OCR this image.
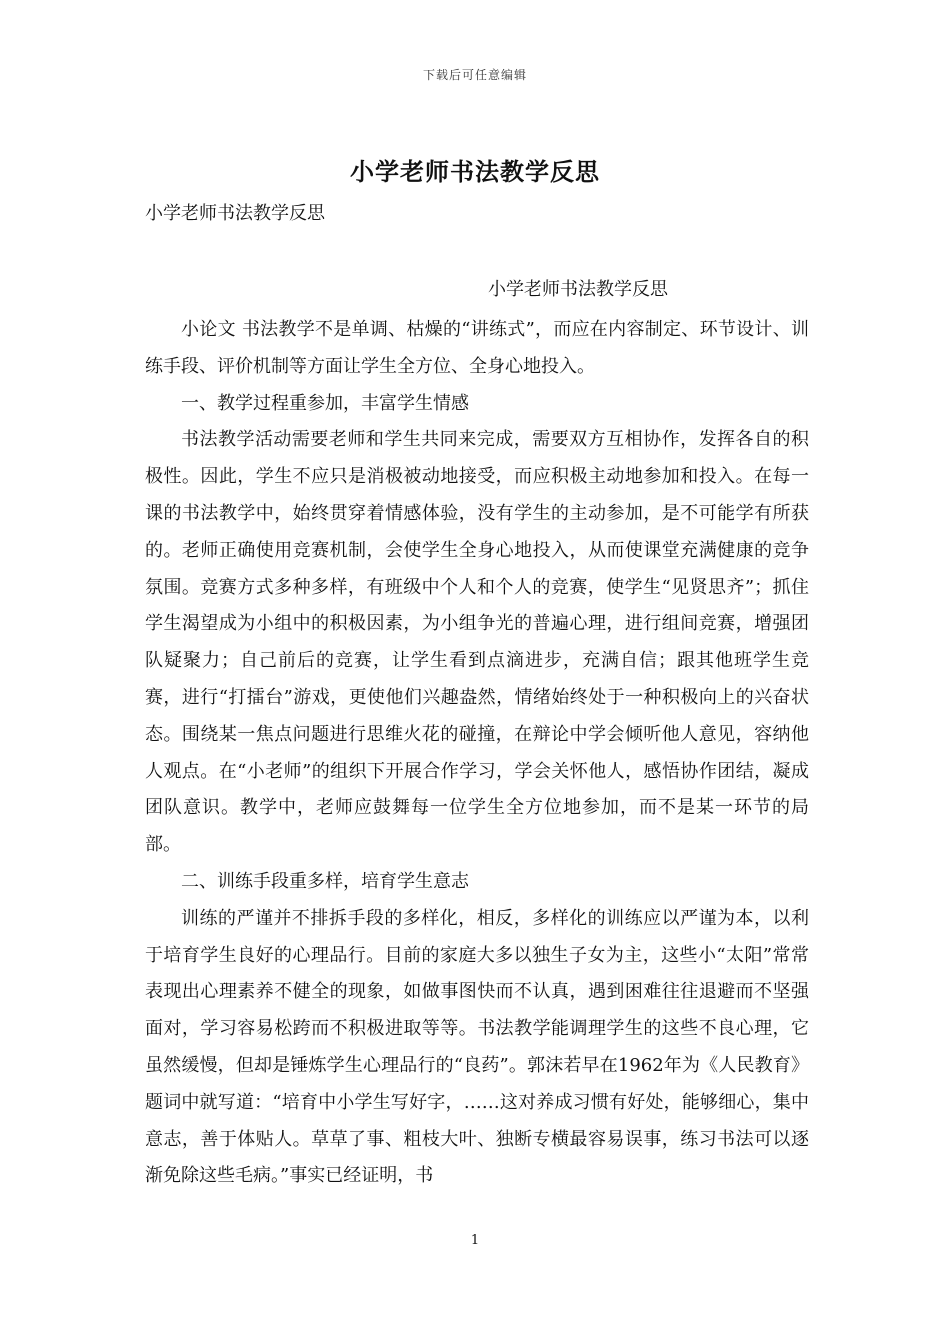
下载后可任意编辑
小学老师书法教学反思
小学老师书法教学反思
小学老师书法教学反思

小论文 书法教学不是单调、枯燥的“讲练式”，而应在内容制定、环节设计、训练手段、评价机制等方面让学生全方位、全身心地投入。

一、教学过程重参加，丰富学生情感

书法教学活动需要老师和学生共同来完成，需要双方互相协作，发挥各自的积极性。因此，学生不应只是消极被动地接受，而应积极主动地参加和投入。在每一课的书法教学中，始终贯穿着情感体验，没有学生的主动参加，是不可能学有所获的。老师正确使用竞赛机制，会使学生全身心地投入，从而使课堂充满健康的竞争氛围。竞赛方式多种多样，有班级中个人和个人的竞赛，使学生“见贤思齐”；抓住学生渴望成为小组中的积极因素，为小组争光的普遍心理，进行组间竞赛，增强团队疑聚力；自己前后的竞赛，让学生看到点滴进步，充满自信；跟其他班学生竞赛，进行“打擂台”游戏，更使他们兴趣盎然，情绪始终处于一种积极向上的兴奋状态。围绕某一焦点问题进行思维火花的碰撞，在辩论中学会倾听他人意见，容纳他人观点。在“小老师”的组织下开展合作学习，学会关怀他人，感悟协作团结，凝成团队意识。教学中，老师应鼓舞每一位学生全方位地参加，而不是某一环节的局部。

二、训练手段重多样，培育学生意志

训练的严谨并不排拆手段的多样化，相反，多样化的训练应以严谨为本，以利于培育学生良好的心理品行。目前的家庭大多以独生子女为主，这些小“太阳”常常表现出心理素养不健全的现象，如做事图快而不认真，遇到困难往往退避而不坚强面对，学习容易松跨而不积极进取等等。书法教学能调理学生的这些不良心理，它虽然缓慢，但却是锤炼学生心理品行的“良药”。郭沫若早在1962年为《人民教育》题词中就写道：“培育中小学生写好字，……这对养成习惯有好处，能够细心，集中意志，善于体贴人。草草了事、粗枝大叶、独断专横最容易误事，练习书法可以逐渐免除这些毛病。”事实已经证明，书

1
